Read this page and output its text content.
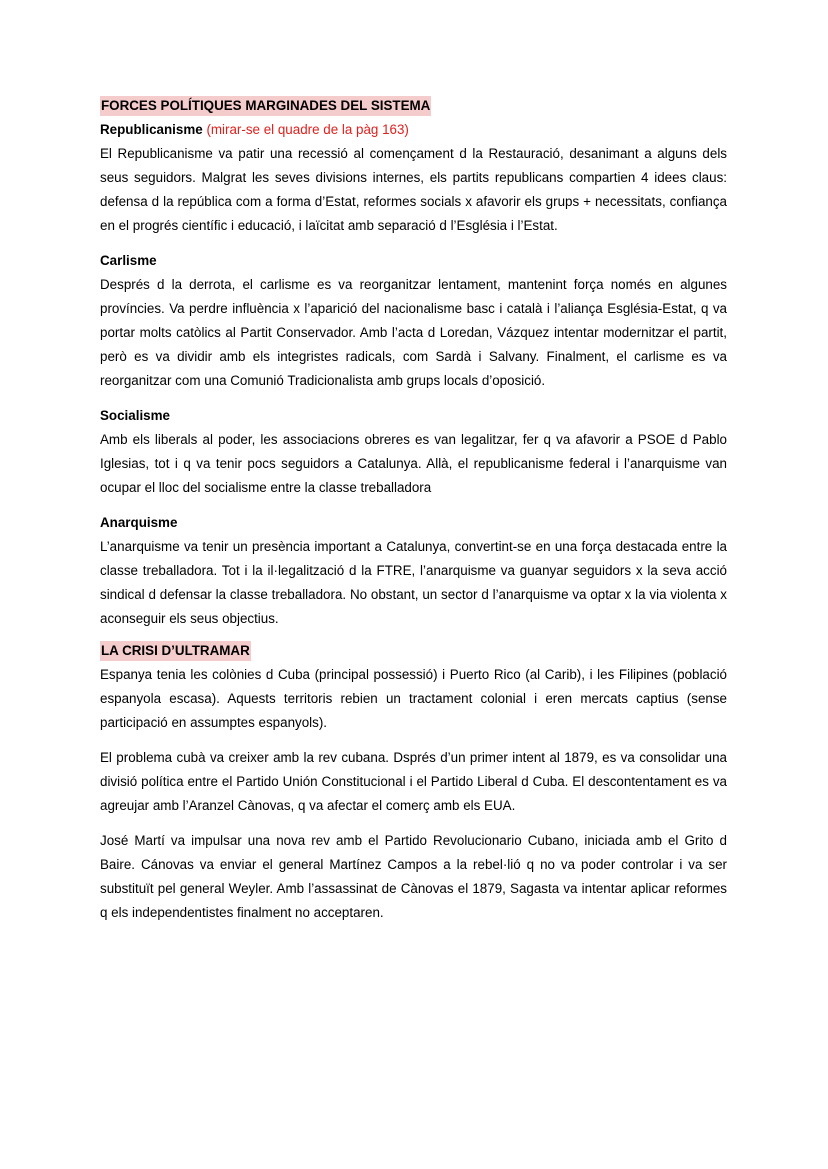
FORCES POLÍTIQUES MARGINADES DEL SISTEMA
Republicanisme (mirar-se el quadre de la pàg 163)

El Republicanisme va patir una recessió al començament d la Restauració, desanimant a alguns dels seus seguidors. Malgrat les seves divisions internes, els partits republicans compartien 4 idees claus: defensa d la república com a forma d’Estat, reformes socials x afavorir els grups + necessitats, confiança en el progrés científic i educació, i laïcitat amb separació d l’Església i l’Estat.

Carlisme

Després d la derrota, el carlisme es va reorganitzar lentament, mantenint força només en algunes províncies. Va perdre influència x l’aparició del nacionalisme basc i català i l’aliança Església-Estat, q va portar molts catòlics al Partit Conservador. Amb l’acta d Loredan, Vázquez intentar modernitzar el partit, però es va dividir amb els integristes radicals, com Sardà i Salvany. Finalment, el carlisme es va reorganitzar com una Comunió Tradicionalista amb grups locals d’oposició.

Socialisme

Amb els liberals al poder, les associacions obreres es van legalitzar, fer q va afavorir a PSOE d Pablo Iglesias, tot i q va tenir pocs seguidors a Catalunya. Allà, el republicanisme federal i l’anarquisme van ocupar el lloc del socialisme entre la classe treballadora

Anarquisme

L’anarquisme va tenir un presència important a Catalunya, convertint-se en una força destacada entre la classe treballadora. Tot i la il·legalització d la FTRE, l’anarquisme va guanyar seguidors x la seva acció sindical d defensar la classe treballadora. No obstant, un sector d l’anarquisme va optar x la via violenta x aconseguir els seus objectius.

LA CRISI D’ULTRAMAR

Espanya tenia les colònies d Cuba (principal possessió) i Puerto Rico (al Carib), i les Filipines (població espanyola escasa). Aquests territoris rebien un tractament colonial i eren mercats captius (sense participació en assumptes espanyols).

El problema cubà va creixer amb la rev cubana. Dsprés d’un primer intent al 1879, es va consolidar una divisió política entre el Partido Unión Constitucional i el Partido Liberal d Cuba. El descontentament es va agreujar amb l’Aranzel Cànovas, q va afectar el comerç amb els EUA.

José Martí va impulsar una nova rev amb el Partido Revolucionario Cubano, iniciada amb el Grito d Baire. Cánovas va enviar el general Martínez Campos a la rebel·lió q no va poder controlar i va ser substituït pel general Weyler. Amb l’assassinat de Cànovas el 1879, Sagasta va intentar aplicar reformes q els independentistes finalment no acceptaren.
